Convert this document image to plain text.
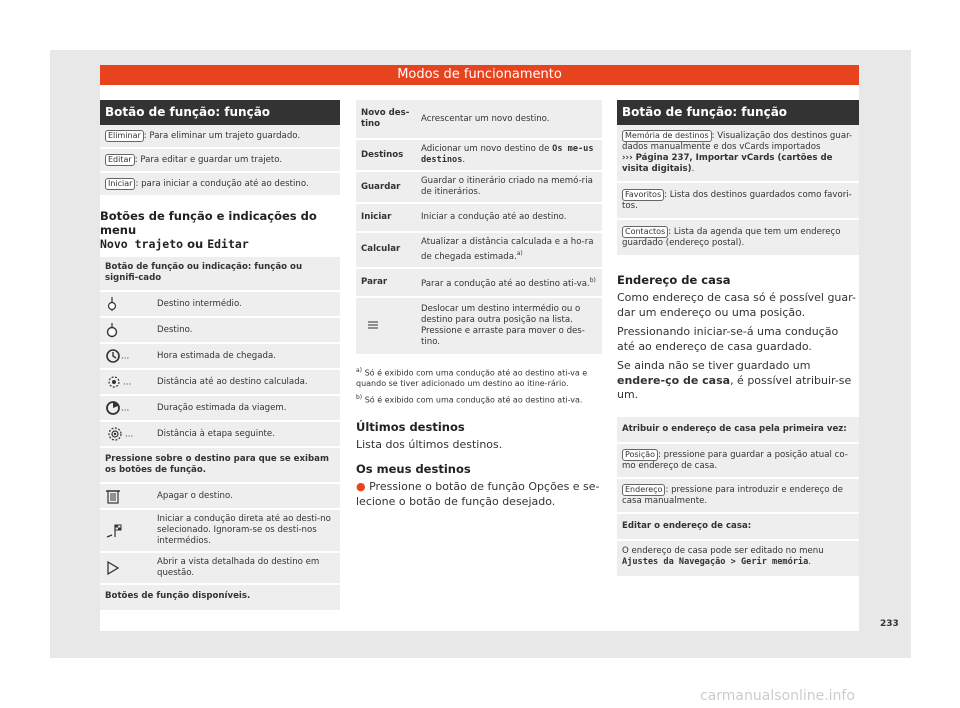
Modos de funcionamento
Botão de função: função
Eliminar : Para eliminar um trajeto guardado.
Editar : Para editar e guardar um trajeto.
Iniciar : para iniciar a condução até ao destino.
Botões de função e indicações do menu
Novo trajeto ou Editar
Botão de função ou indicação: função ou signifi-cado	
	Destino intermédio.
	Destino.
...	Hora estimada de chegada.
...	Distância até ao destino calculada.
...	Duração estimada da viagem.
...	Distância à etapa seguinte.
Pressione sobre o destino para que se exibam os botões de função.	
	Apagar o destino.
	Iniciar a condução direta até ao desti-no selecionado. Ignoram-se os desti-nos intermédios.
	Abrir a vista detalhada do destino em questão.
Botões de função disponíveis.	
Novo des-tino	Acrescentar um novo destino.
Destinos	Adicionar um novo destino de Os me-us destinos.
Guardar	Guardar o itinerário criado na memó-ria de itinerários.
Iniciar	Iniciar a condução até ao destino.
Calcular	Atualizar a distância calculada e a ho-ra de chegada estimada.$^{a)}$
Parar	Parar a condução até ao destino ati-va.$^{b)}$
	Deslocar um destino intermédio ou o destino para outra posição na lista. Pressione e arraste para mover o des-tino.
$^{a)}$ Só é exibido com uma condução até ao destino ati-va e quando se tiver adicionado um destino ao itine-rário.
$^{b)}$ Só é exibido com uma condução até ao destino ati-va.
Últimos destinos
Lista dos últimos destinos.
Os meus destinos
● Pressione o botão de função Opções e se-lecione o botão de função desejado.
Botão de função: função
Memória de destinos : Visualização dos destinos guar-dados manualmente e dos vCards importados
››› Página 237, Importar vCards (cartões de visita digitais).
Favoritos : Lista dos destinos guardados como favori-tos.
Contactos : Lista da agenda que tem um endereço guardado (endereço postal).
Endereço de casa
Como endereço de casa só é possível guar-dar um endereço ou uma posição.
Pressionando iniciar-se-á uma condução até ao endereço de casa guardado.
Se ainda não se tiver guardado um endere-ço de casa, é possível atribuir-se um.
Atribuir o endereço de casa pela primeira vez:
Posição : pressione para guardar a posição atual co-mo endereço de casa.
Endereço : pressione para introduzir e endereço de casa manualmente.
Editar o endereço de casa:
O endereço de casa pode ser editado no menu Ajustes da Navegação > Gerir memória.
233
carmanualsonline.info
